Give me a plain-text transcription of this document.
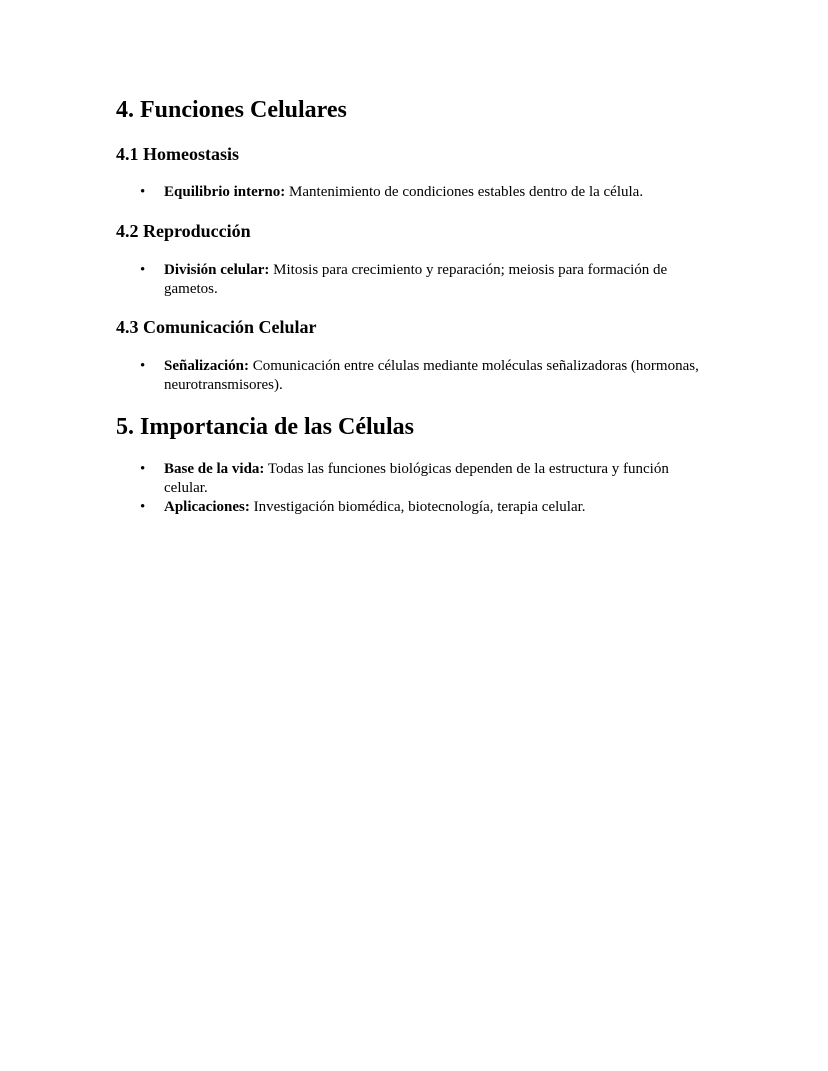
4. Funciones Celulares
4.1 Homeostasis
• Equilibrio interno: Mantenimiento de condiciones estables dentro de la célula.
4.2 Reproducción
• División celular: Mitosis para crecimiento y reparación; meiosis para formación de gametos.
4.3 Comunicación Celular
• Señalización: Comunicación entre células mediante moléculas señalizadoras (hormonas, neurotransmisores).
5. Importancia de las Células
• Base de la vida: Todas las funciones biológicas dependen de la estructura y función celular.
• Aplicaciones: Investigación biomédica, biotecnología, terapia celular.
